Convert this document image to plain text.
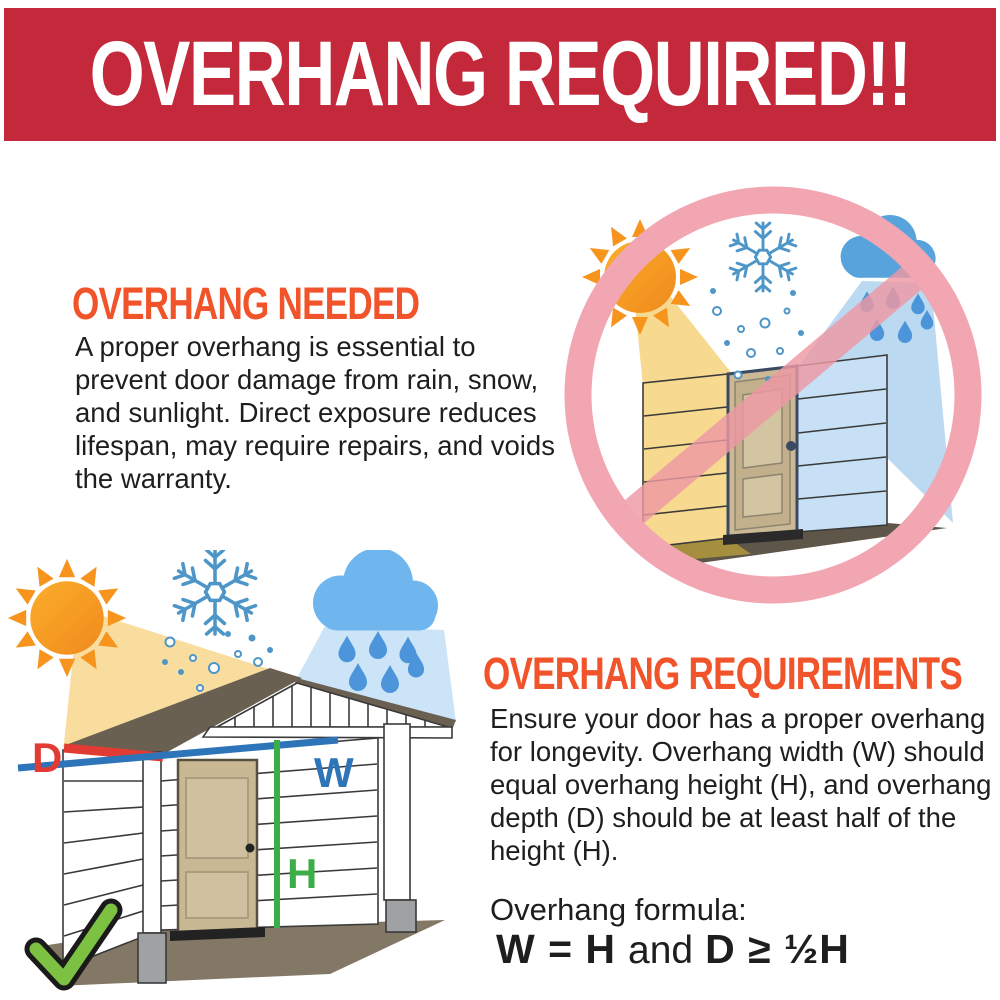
OVERHANG REQUIRED!!
OVERHANG NEEDED
A proper overhang is essential to
prevent door damage from rain, snow,
and sunlight. Direct exposure reduces
lifespan, may require repairs, and voids
the warranty.
OVERHANG REQUIREMENTS
Ensure your door has a proper overhang
for longevity. Overhang width (W) should
equal overhang height (H), and overhang
depth (D) should be at least half of the
height (H).
Overhang formula:
W = H and D ≥ ½H
D	W
H
